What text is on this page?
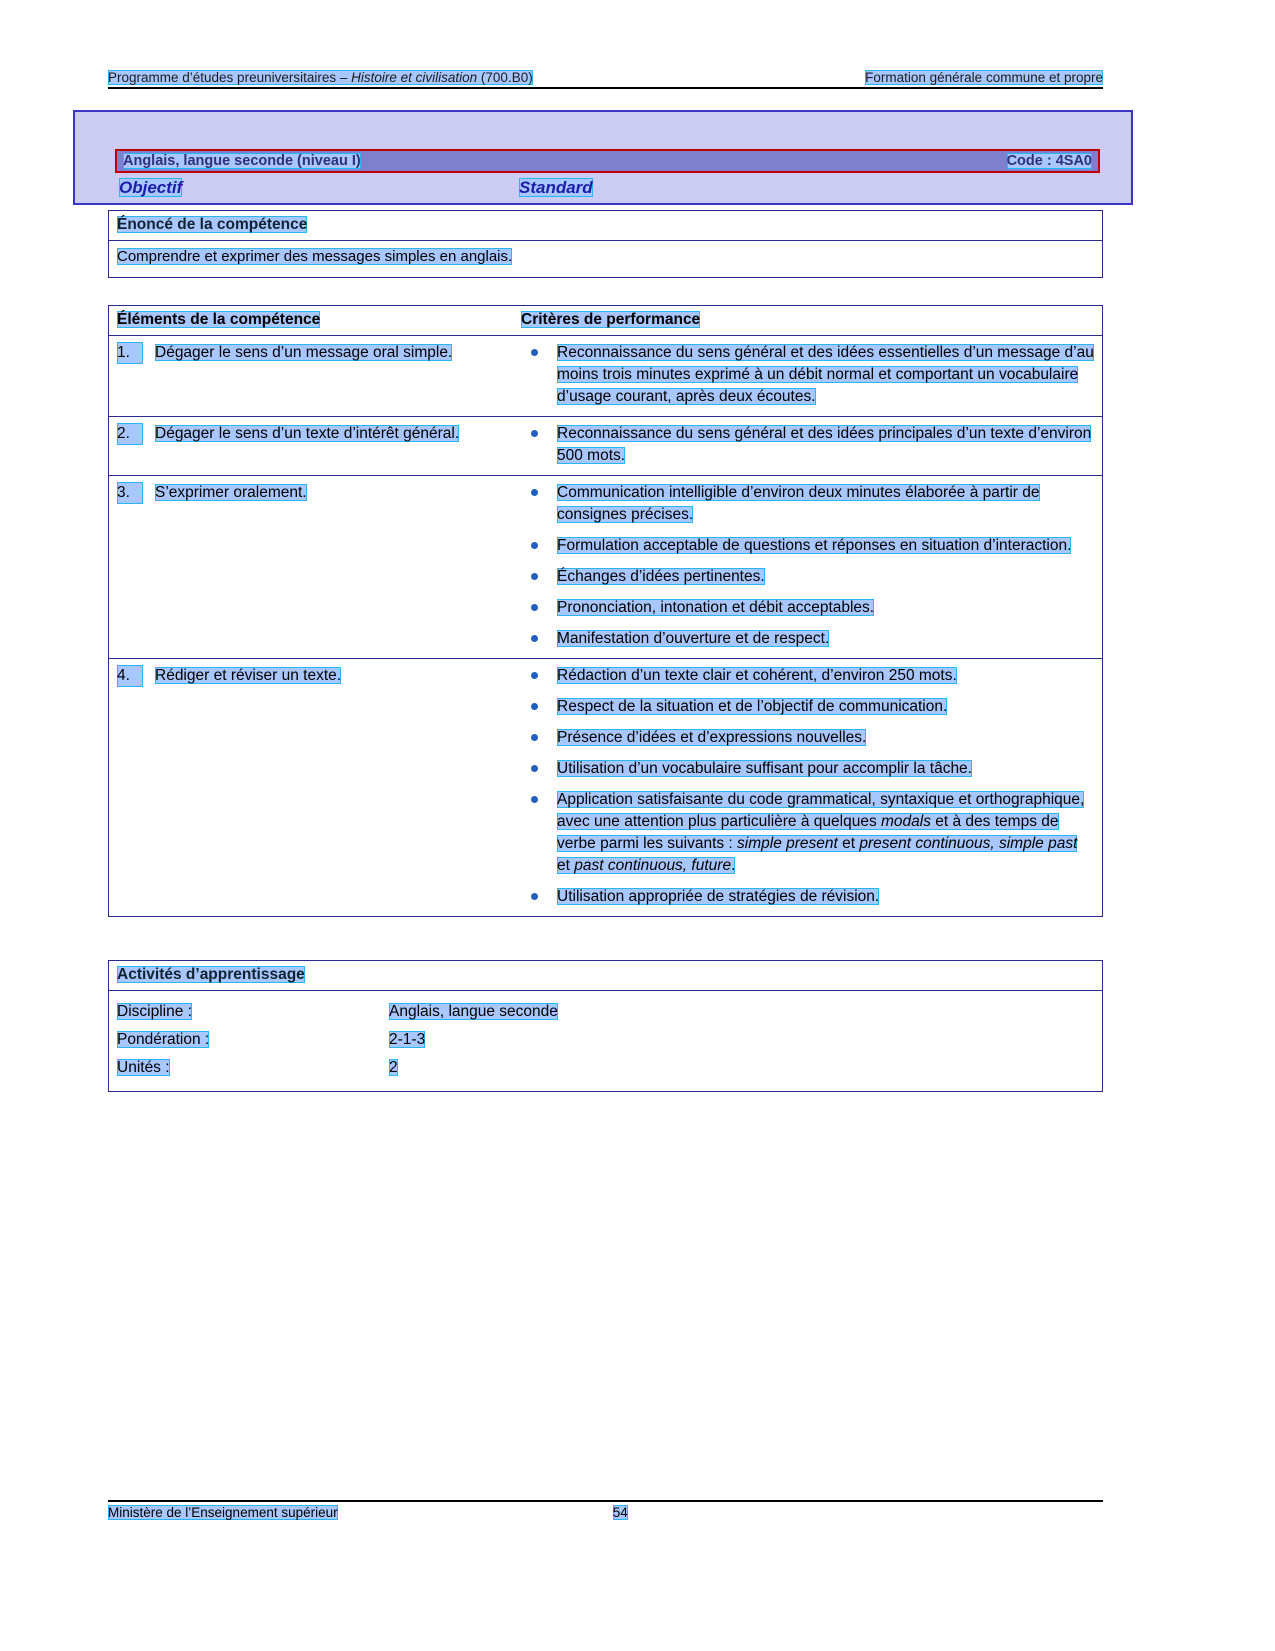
Programme d’études preuniversitaires – Histoire et civilisation (700.B0)	Formation générale commune et propre
Anglais, langue seconde (niveau I)	Code : 4SA0
Objectif	Standard
Énoncé de la compétence
Comprendre et exprimer des messages simples en anglais.
Éléments de la compétence	Critères de performance
1.	Dégager le sens d’un message oral simple.	Reconnaissance du sens général et des idées essentielles d’un message d’au moins trois minutes exprimé à un débit normal et comportant un vocabulaire d’usage courant, après deux écoutes.
2.	Dégager le sens d’un texte d’intérêt général.	Reconnaissance du sens général et des idées principales d’un texte d’environ 500 mots.
3.	S’exprimer oralement.	Communication intelligible d’environ deux minutes élaborée à partir de consignes précises.
Formulation acceptable de questions et réponses en situation d’interaction.
Échanges d’idées pertinentes.
Prononciation, intonation et débit acceptables.
Manifestation d’ouverture et de respect.
4.	Rédiger et réviser un texte.	Rédaction d’un texte clair et cohérent, d’environ 250 mots.
Respect de la situation et de l’objectif de communication.
Présence d’idées et d’expressions nouvelles.
Utilisation d’un vocabulaire suffisant pour accomplir la tâche.
Application satisfaisante du code grammatical, syntaxique et orthographique, avec une attention plus particulière à quelques modals et à des temps de verbe parmi les suivants : simple present et present continuous, simple past et past continuous, future.
Utilisation appropriée de stratégies de révision.
Activités d’apprentissage
Discipline :	Anglais, langue seconde
Pondération :	2-1-3
Unités :	2
Ministère de l’Enseignement supérieur	54
